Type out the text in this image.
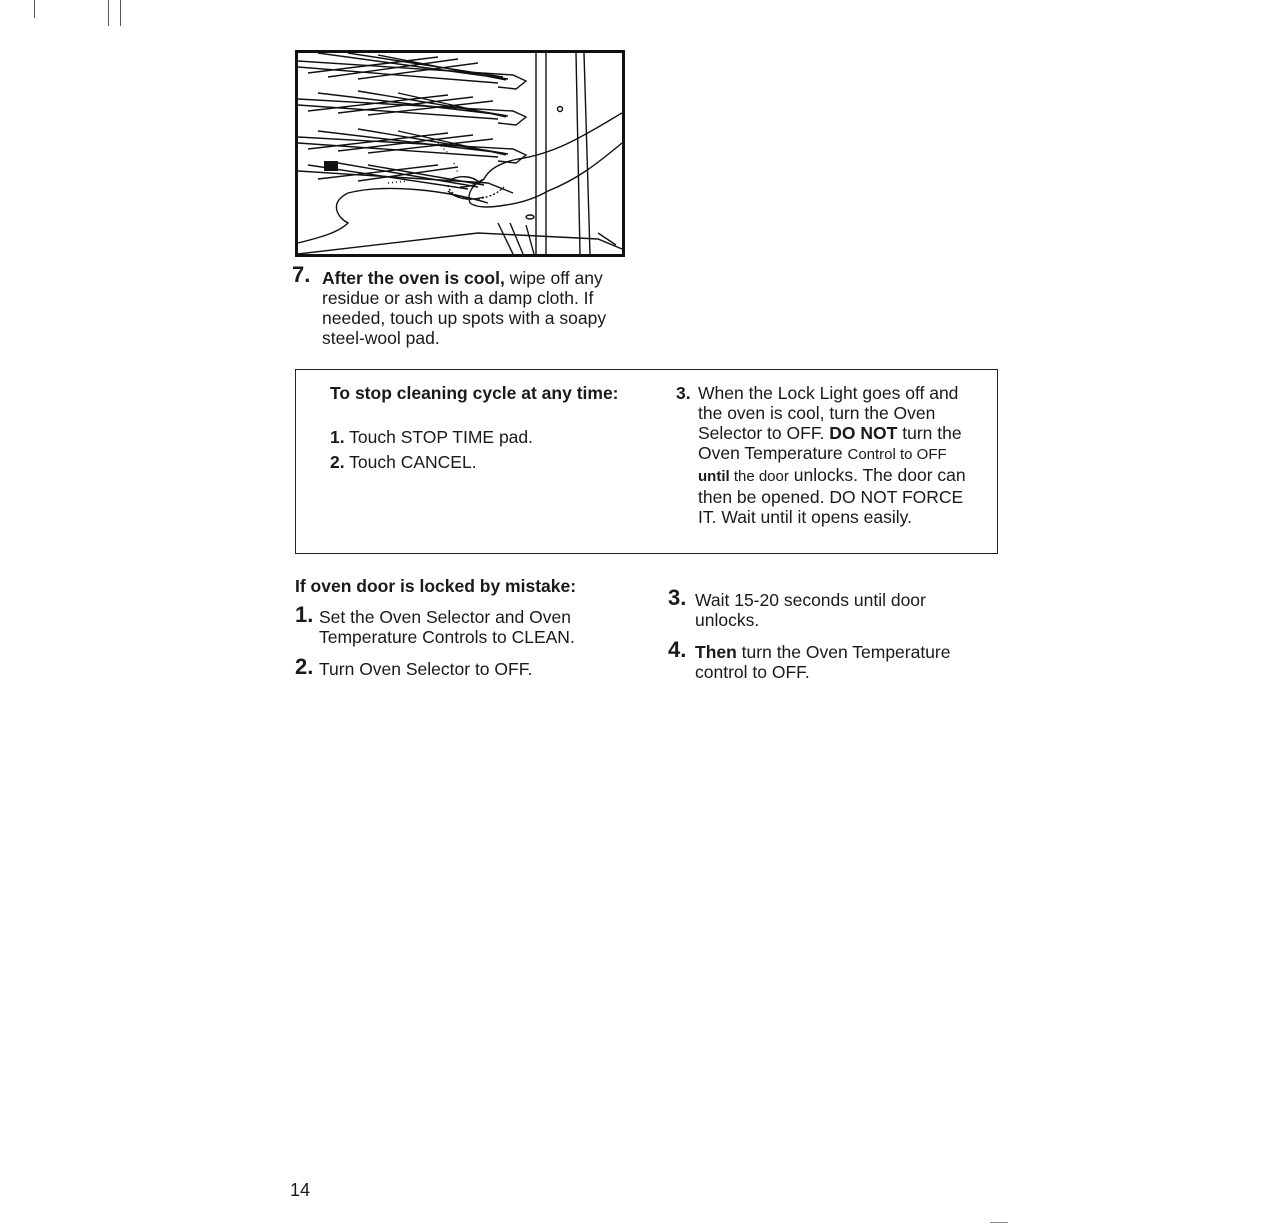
7. After the oven is cool, wipe off any residue or ash with a damp cloth. If needed, touch up spots with a soapy steel-wool pad.
To stop cleaning cycle at any time:
1. Touch STOP TIME pad.
2. Touch CANCEL.
3. When the Lock Light goes off and the oven is cool, turn the Oven Selector to OFF. DO NOT turn the Oven Temperature Control to OFF until the door unlocks. The door can then be opened. DO NOT FORCE IT. Wait until it opens easily.
If oven door is locked by mistake:
1. Set the Oven Selector and Oven Temperature Controls to CLEAN.
2. Turn Oven Selector to OFF.
3. Wait 15-20 seconds until door unlocks.
4. Then turn the Oven Temperature control to OFF.
14
